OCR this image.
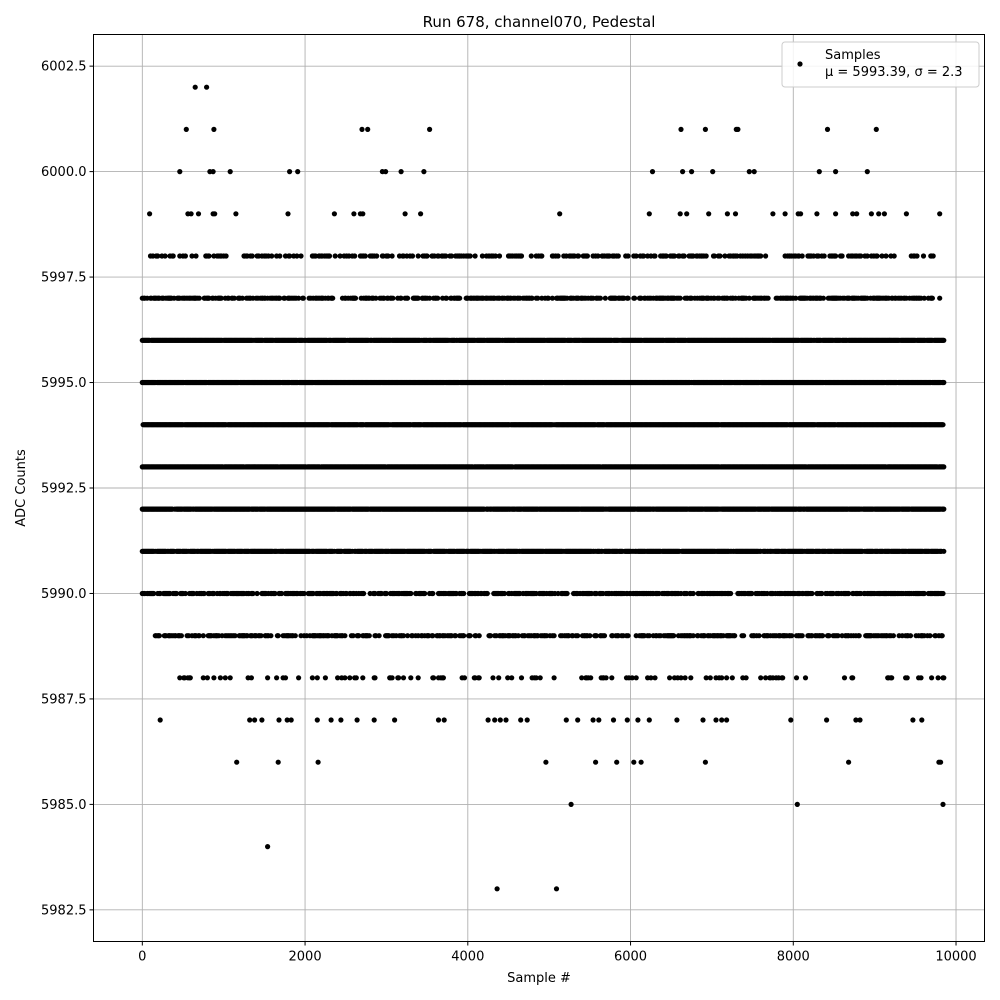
0	2000	4000	6000	8000	10000
5982.5
5985.0
5987.5
5990.0
5992.5
5995.0
5997.5
6000.0
6002.5
Run 678, channel070, Pedestal
Sample #
ADC Counts
Samples
μ = 5993.39, σ = 2.3
